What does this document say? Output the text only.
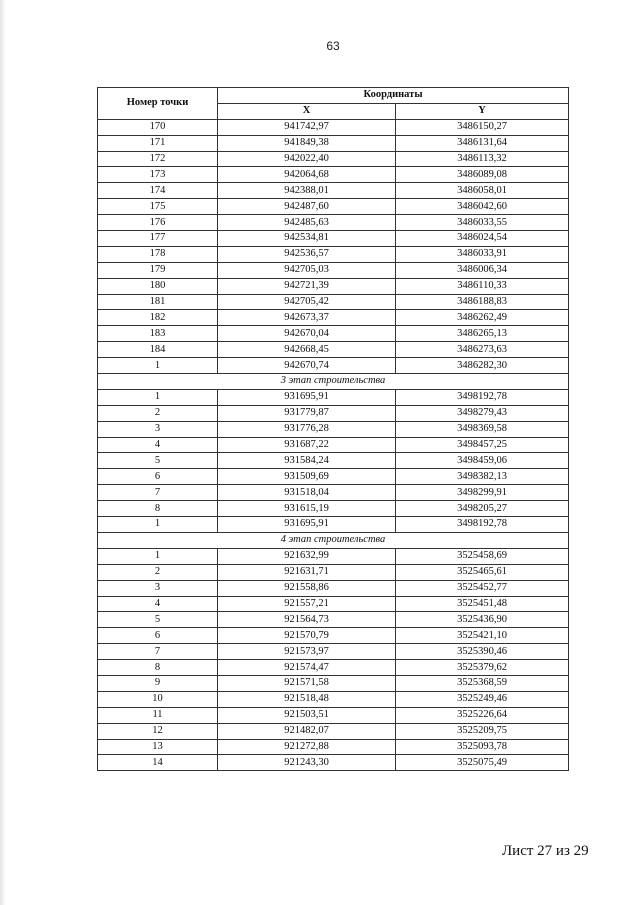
63
Номер точки	Координаты	
	X	Y
170	941742,97	3486150,27
171	941849,38	3486131,64
172	942022,40	3486113,32
173	942064,68	3486089,08
174	942388,01	3486058,01
175	942487,60	3486042,60
176	942485,63	3486033,55
177	942534,81	3486024,54
178	942536,57	3486033,91
179	942705,03	3486006,34
180	942721,39	3486110,33
181	942705,42	3486188,83
182	942673,37	3486262,49
183	942670,04	3486265,13
184	942668,45	3486273,63
1	942670,74	3486282,30
3 этап строительства		
1	931695,91	3498192,78
2	931779,87	3498279,43
3	931776,28	3498369,58
4	931687,22	3498457,25
5	931584,24	3498459,06
6	931509,69	3498382,13
7	931518,04	3498299,91
8	931615,19	3498205,27
1	931695,91	3498192,78
4 этап строительства		
1	921632,99	3525458,69
2	921631,71	3525465,61
3	921558,86	3525452,77
4	921557,21	3525451,48
5	921564,73	3525436,90
6	921570,79	3525421,10
7	921573,97	3525390,46
8	921574,47	3525379,62
9	921571,58	3525368,59
10	921518,48	3525249,46
11	921503,51	3525226,64
12	921482,07	3525209,75
13	921272,88	3525093,78
14	921243,30	3525075,49
Лист 27 из 29
